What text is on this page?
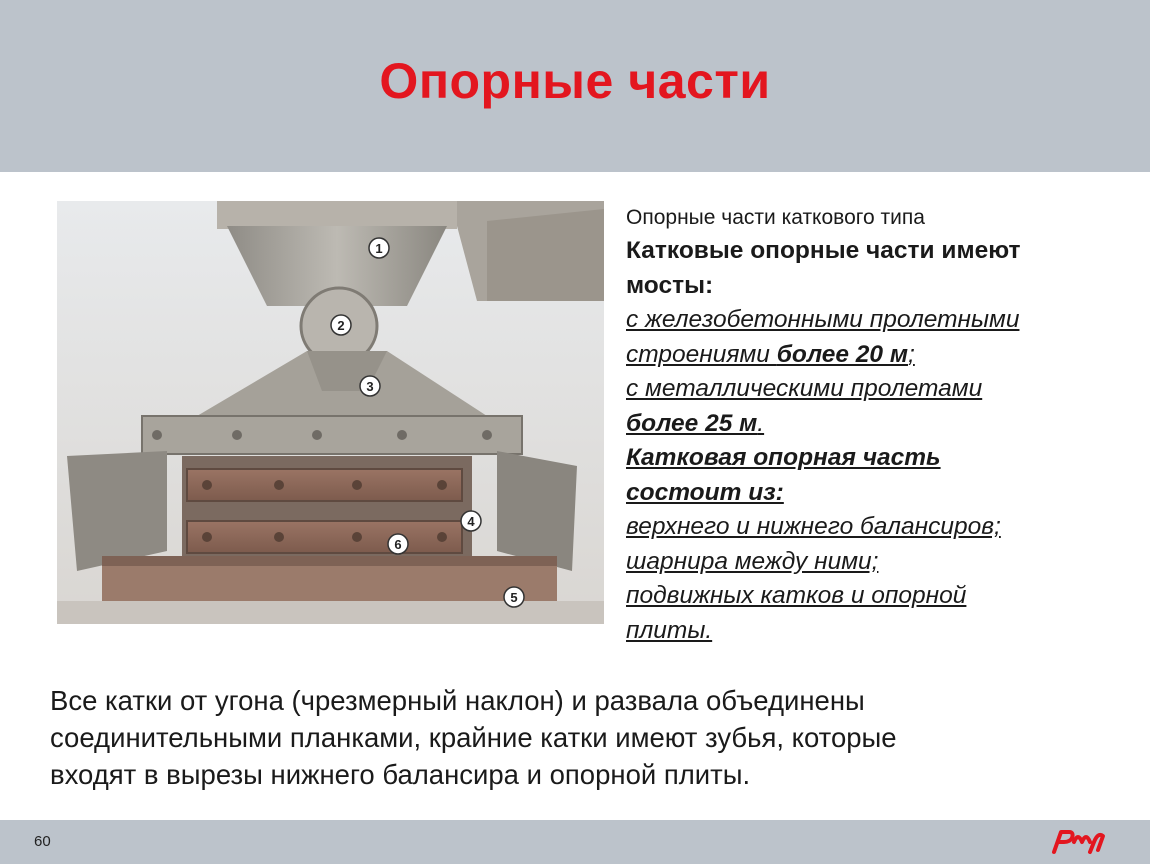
Опорные части
1
2
3
4
5
6
Опорные части каткового типа
Катковые опорные части имеют
мосты:
с железобетонными пролетными
строениями более 20 м;
с металлическими пролетами
более 25 м.
Катковая опорная часть
состоит из:
верхнего и нижнего балансиров;
шарнира между ними;
подвижных катков и опорной
плиты.
Все катки от угона (чрезмерный наклон) и развала объединены
соединительными планками, крайние катки имеют зубья, которые
входят в вырезы нижнего балансира и опорной плиты.
60
